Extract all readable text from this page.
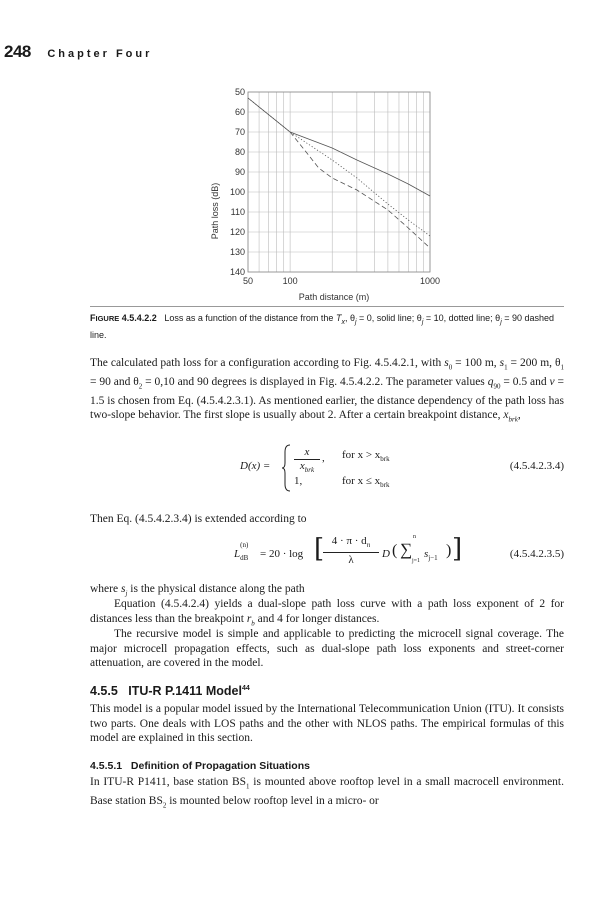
248 Chapter Four
50
60
70
80
90
100
110
120
130
140
50	100	1000
Path distance (m)
Path loss (dB)
FIGURE 4.5.4.2.2 Loss as a function of the distance from the $T_x$, $\theta_j = 0$, solid line; $\theta_j = 10$, dotted line; $\theta_j = 90$ dashed line.
The calculated path loss for a configuration according to Fig. 4.5.4.2.1, with $s_0 = 100$ m, $s_1 = 200$ m, $\theta_1 = 90$ and $\theta_2 = 0,10$ and 90 degrees is displayed in Fig. 4.5.4.2.2. The parameter values $q_{90} = 0.5$ and v = 1.5 is chosen from Eq. (4.5.4.2.3.1). As mentioned earlier, the distance dependency of the path loss has two-slope behavior. The first slope is usually about 2. After a certain breakpoint distance, $x_{brk}$,
D(x) =
x
$x_{brk}$
, for $x > x_{brk}$
1,	for $x \le x_{brk}$
(4.5.4.2.3.4)
Then Eq. (4.5.4.2.3.4) is extended according to
L
(n)
$_{dB}$ = 20 · log [ $4 \cdot \pi \cdot d_n$
λ
D ( ∑
n
j=1
$s_{j-1}$ ) ]	(4.5.4.2.3.5)
where $s_j$ is the physical distance along the path
Equation (4.5.4.2.4) yields a dual-slope path loss curve with a path loss exponent of 2 for distances less than the breakpoint $r_b$ and 4 for longer distances.
The recursive model is simple and applicable to predicting the microcell signal coverage. The major microcell propagation effects, such as dual-slope path loss exponents and street-corner attenuation, are covered in the model.
4.5.5 ITU-R P.1411 Model$^{44}$
This model is a popular model issued by the International Telecommunication Union (ITU). It consists two parts. One deals with LOS paths and the other with NLOS paths. The empirical formulas of this model are explained in this section.
4.5.5.1 Definition of Propagation Situations
In ITU-R P1411, base station $BS_1$ is mounted above rooftop level in a small macrocell environment. Base station $BS_2$ is mounted below rooftop level in a micro- or
